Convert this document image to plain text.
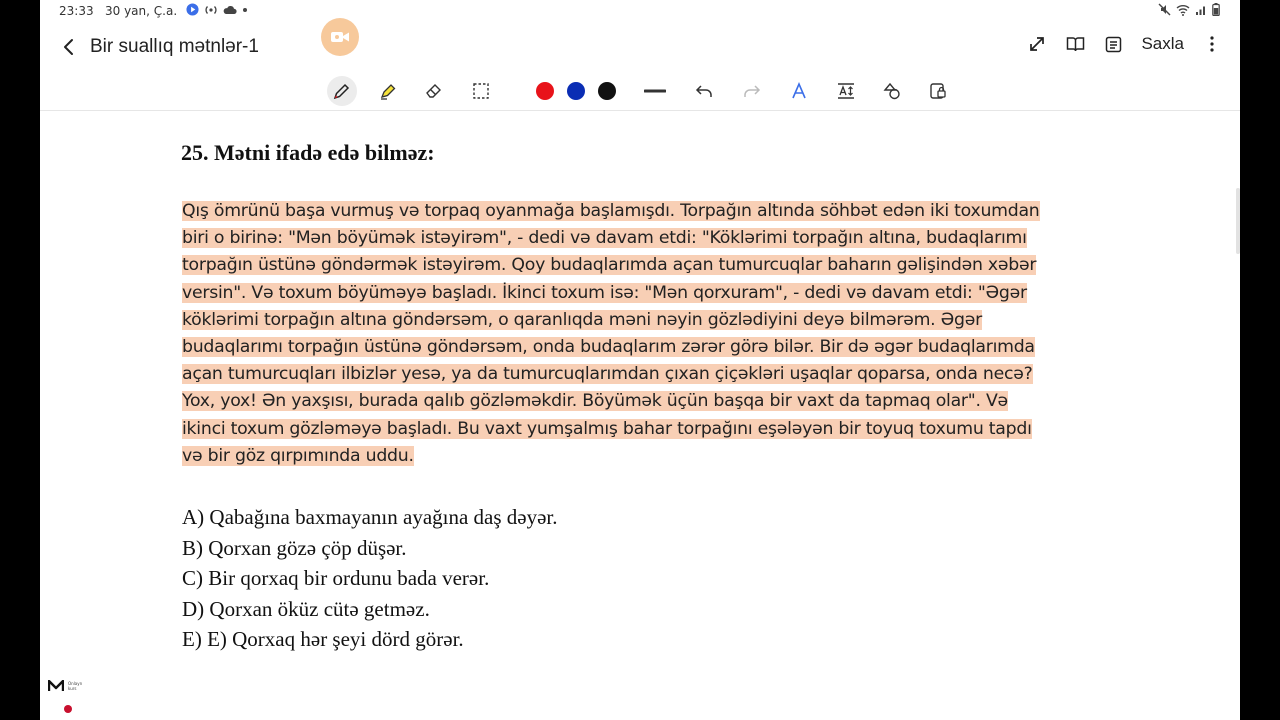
23:33 30 yan, Ç.a.
Bir suallıq mətnlər-1	Saxla
25. Mətni ifadə edə bilməz:
Qış ömrünü başa vurmuş və torpaq oyanmağa başlamışdı. Torpağın altında söhbət edən iki toxumdan
biri o birinə: "Mən böyümək istəyirəm", - dedi və davam etdi: "Köklərimi torpağın altına, budaqlarımı
torpağın üstünə göndərmək istəyirəm. Qoy budaqlarımda açan tumurcuqlar baharın gəlişindən xəbər
versin". Və toxum böyüməyə başladı. İkinci toxum isə: "Mən qorxuram", - dedi və davam etdi: "Əgər
köklərimi torpağın altına göndərsəm, o qaranlıqda məni nəyin gözlədiyini deyə bilmərəm. Əgər
budaqlarımı torpağın üstünə göndərsəm, onda budaqlarım zərər görə bilər. Bir də əgər budaqlarımda
açan tumurcuqları ilbizlər yesə, ya da tumurcuqlarımdan çıxan çiçəkləri uşaqlar qoparsa, onda necə?
Yox, yox! Ən yaxşısı, burada qalıb gözləməkdir. Böyümək üçün başqa bir vaxt da tapmaq olar". Və
ikinci toxum gözləməyə başladı. Bu vaxt yumşalmış bahar torpağını eşələyən bir toyuq toxumu tapdı
və bir göz qırpımında uddu.
A) Qabağına baxmayanın ayağına daş dəyər.
B) Qorxan gözə çöp düşər.
C) Bir qorxaq bir ordunu bada verər.
D) Qorxan öküz cütə getməz.
E) E) Qorxaq hər şeyi dörd görər.
Onlayn kurs
